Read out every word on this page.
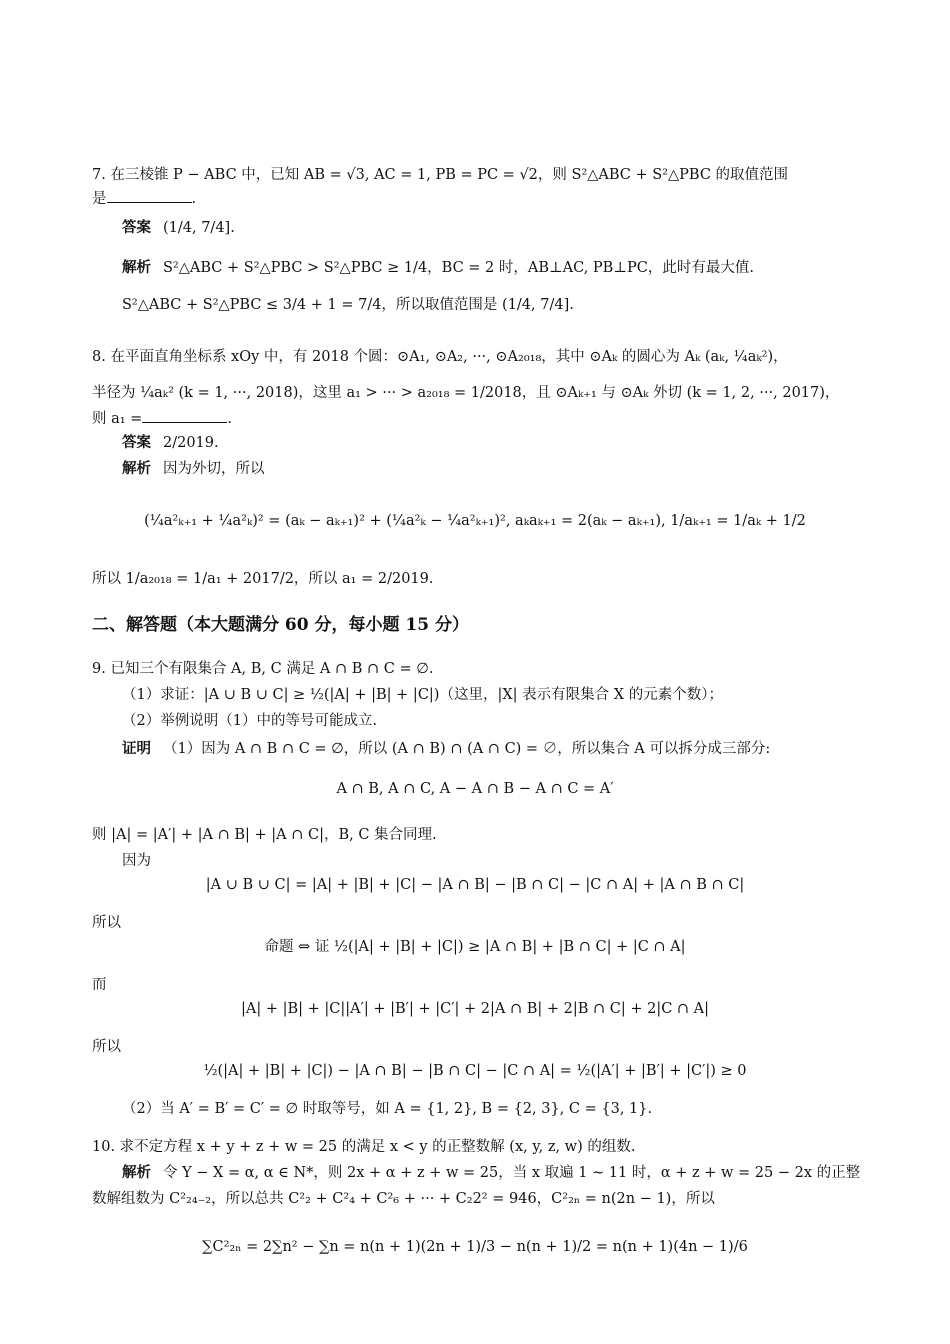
7. 在三棱锥 P − ABC 中，已知 AB = √3, AC = 1, PB = PC = √2，则 S²△ABC + S²△PBC 的取值范围
是	.
答案 (1/4, 7/4].
解析 S²△ABC + S²△PBC > S²△PBC ≥ 1/4，BC = 2 时，AB⊥AC, PB⊥PC，此时有最大值.
S²△ABC + S²△PBC ≤ 3/4 + 1 = 7/4，所以取值范围是 (1/4, 7/4].
8. 在平面直角坐标系 xOy 中，有 2018 个圆：⊙A₁, ⊙A₂, ···, ⊙A₂₀₁₈，其中 ⊙Aₖ 的圆心为 Aₖ (aₖ, ¼aₖ²)，
半径为 ¼aₖ² (k = 1, ···, 2018)，这里 a₁ > ··· > a₂₀₁₈ = 1/2018，且 ⊙Aₖ₊₁ 与 ⊙Aₖ 外切 (k = 1, 2, ···, 2017)，
则 a₁ =	.
答案 2/2019.
解析 因为外切，所以
(¼a²ₖ₊₁ + ¼a²ₖ)² = (aₖ − aₖ₊₁)² + (¼a²ₖ − ¼a²ₖ₊₁)², aₖaₖ₊₁ = 2(aₖ − aₖ₊₁), 1/aₖ₊₁ = 1/aₖ + 1/2
所以 1/a₂₀₁₈ = 1/a₁ + 2017/2，所以 a₁ = 2/2019.
二、解答题（本大题满分 60 分，每小题 15 分）
9. 已知三个有限集合 A, B, C 满足 A ∩ B ∩ C = ∅.
（1）求证：|A ∪ B ∪ C| ≥ ½(|A| + |B| + |C|)（这里，|X| 表示有限集合 X 的元素个数）；
（2）举例说明（1）中的等号可能成立.
证明 （1）因为 A ∩ B ∩ C = ∅，所以 (A ∩ B) ∩ (A ∩ C) = ∅，所以集合 A 可以拆分成三部分:
A ∩ B, A ∩ C, A − A ∩ B − A ∩ C = A′
则 |A| = |A′| + |A ∩ B| + |A ∩ C|，B, C 集合同理.
因为
|A ∪ B ∪ C| = |A| + |B| + |C| − |A ∩ B| − |B ∩ C| − |C ∩ A| + |A ∩ B ∩ C|
所以
命题 ⇔ 证 ½(|A| + |B| + |C|) ≥ |A ∩ B| + |B ∩ C| + |C ∩ A|
而
|A| + |B| + |C||A′| + |B′| + |C′| + 2|A ∩ B| + 2|B ∩ C| + 2|C ∩ A|
所以
½(|A| + |B| + |C|) − |A ∩ B| − |B ∩ C| − |C ∩ A| = ½(|A′| + |B′| + |C′|) ≥ 0
（2）当 A′ = B′ = C′ = ∅ 时取等号，如 A = {1, 2}, B = {2, 3}, C = {3, 1}.
10. 求不定方程 x + y + z + w = 25 的满足 x < y 的正整数解 (x, y, z, w) 的组数.
解析 令 Y − X = α, α ∈ N*，则 2x + α + z + w = 25，当 x 取遍 1 ∼ 11 时，α + z + w = 25 − 2x 的正整
数解组数为 C²₂₄₋₂，所以总共 C²₂ + C²₄ + C²₆ + ··· + C₂2² = 946，C²₂ₙ = n(2n − 1)，所以
∑C²₂ₙ = 2∑n² − ∑n = n(n + 1)(2n + 1)/3 − n(n + 1)/2 = n(n + 1)(4n − 1)/6
